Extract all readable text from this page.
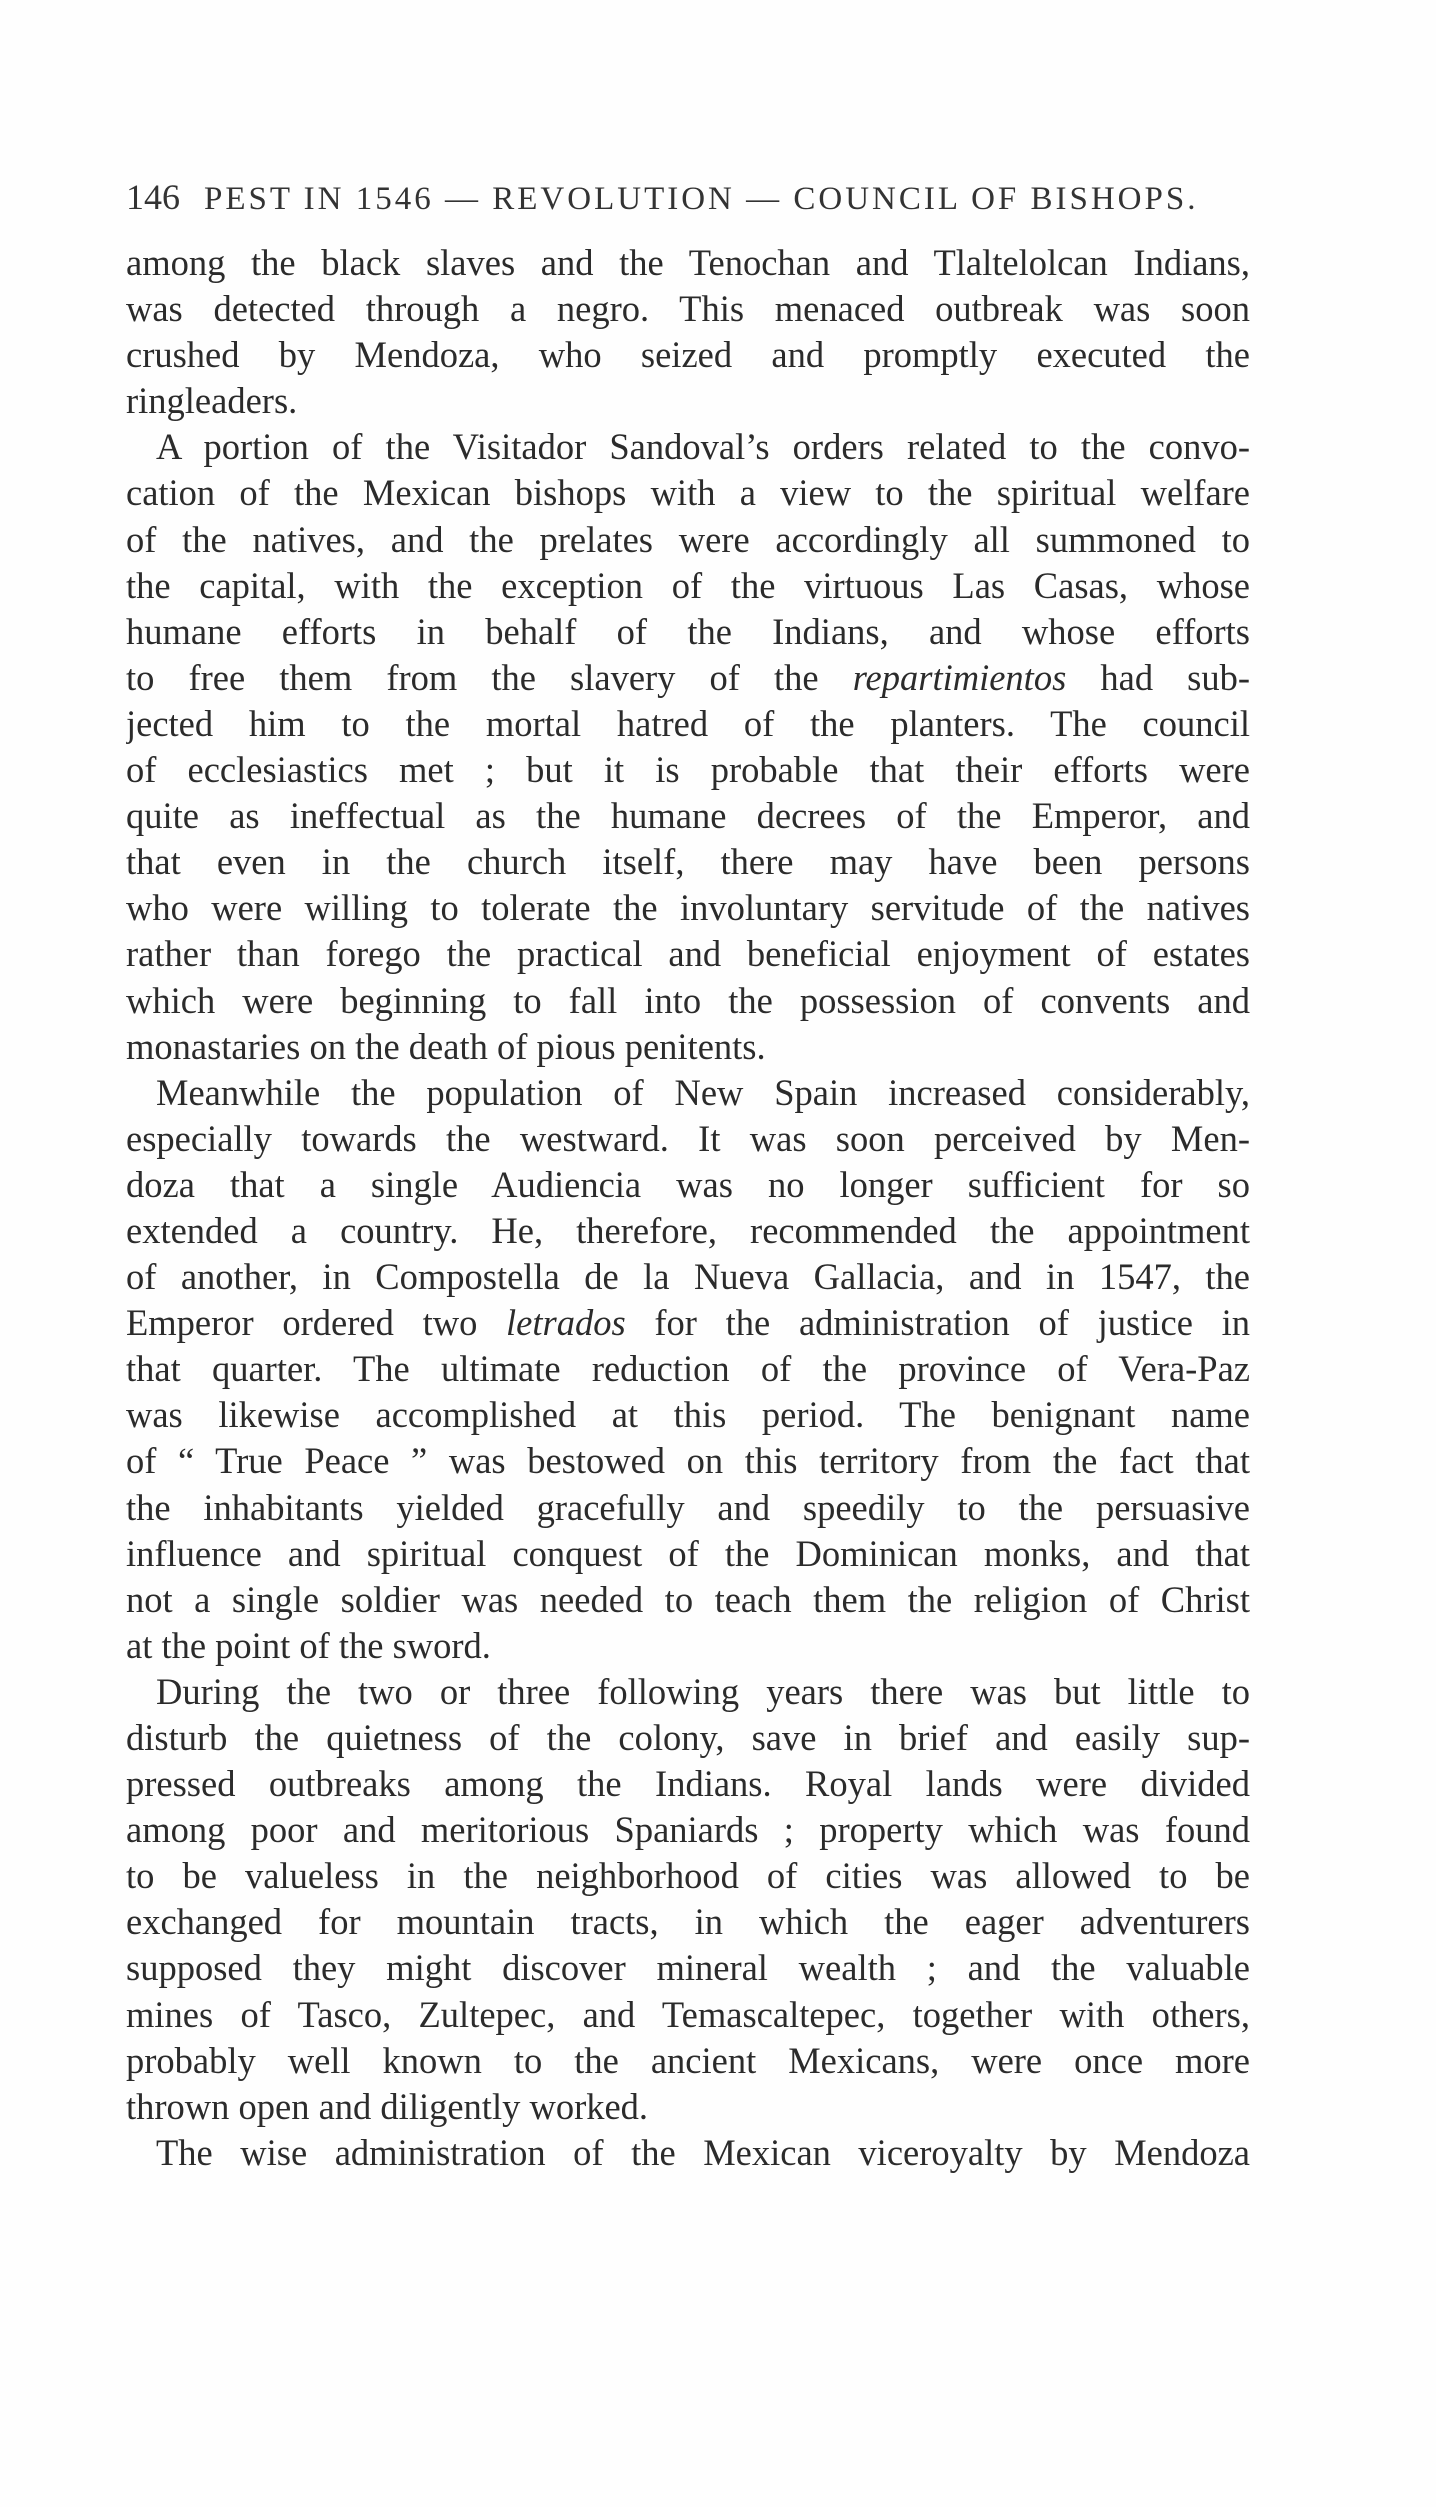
146 PEST IN 1546 — REVOLUTION — COUNCIL OF BISHOPS.
among the black slaves and the Tenochan and Tlaltelolcan Indians,
was detected through a negro. This menaced outbreak was soon
crushed by Mendoza, who seized and promptly executed the
ringleaders.
A portion of the Visitador Sandoval’s orders related to the convo-
cation of the Mexican bishops with a view to the spiritual welfare
of the natives, and the prelates were accordingly all summoned to
the capital, with the exception of the virtuous Las Casas, whose
humane efforts in behalf of the Indians, and whose efforts
to free them from the slavery of the repartimientos had sub-
jected him to the mortal hatred of the planters. The council
of ecclesiastics met ; but it is probable that their efforts were
quite as ineffectual as the humane decrees of the Emperor, and
that even in the church itself, there may have been persons
who were willing to tolerate the involuntary servitude of the natives
rather than forego the practical and beneficial enjoyment of estates
which were beginning to fall into the possession of convents and
monastaries on the death of pious penitents.
Meanwhile the population of New Spain increased considerably,
especially towards the westward. It was soon perceived by Men-
doza that a single Audiencia was no longer sufficient for so
extended a country. He, therefore, recommended the appointment
of another, in Compostella de la Nueva Gallacia, and in 1547, the
Emperor ordered two letrados for the administration of justice in
that quarter. The ultimate reduction of the province of Vera-Paz
was likewise accomplished at this period. The benignant name
of “ True Peace ” was bestowed on this territory from the fact that
the inhabitants yielded gracefully and speedily to the persuasive
influence and spiritual conquest of the Dominican monks, and that
not a single soldier was needed to teach them the religion of Christ
at the point of the sword.
During the two or three following years there was but little to
disturb the quietness of the colony, save in brief and easily sup-
pressed outbreaks among the Indians. Royal lands were divided
among poor and meritorious Spaniards ; property which was found
to be valueless in the neighborhood of cities was allowed to be
exchanged for mountain tracts, in which the eager adventurers
supposed they might discover mineral wealth ; and the valuable
mines of Tasco, Zultepec, and Temascaltepec, together with others,
probably well known to the ancient Mexicans, were once more
thrown open and diligently worked.
The wise administration of the Mexican viceroyalty by Mendoza
